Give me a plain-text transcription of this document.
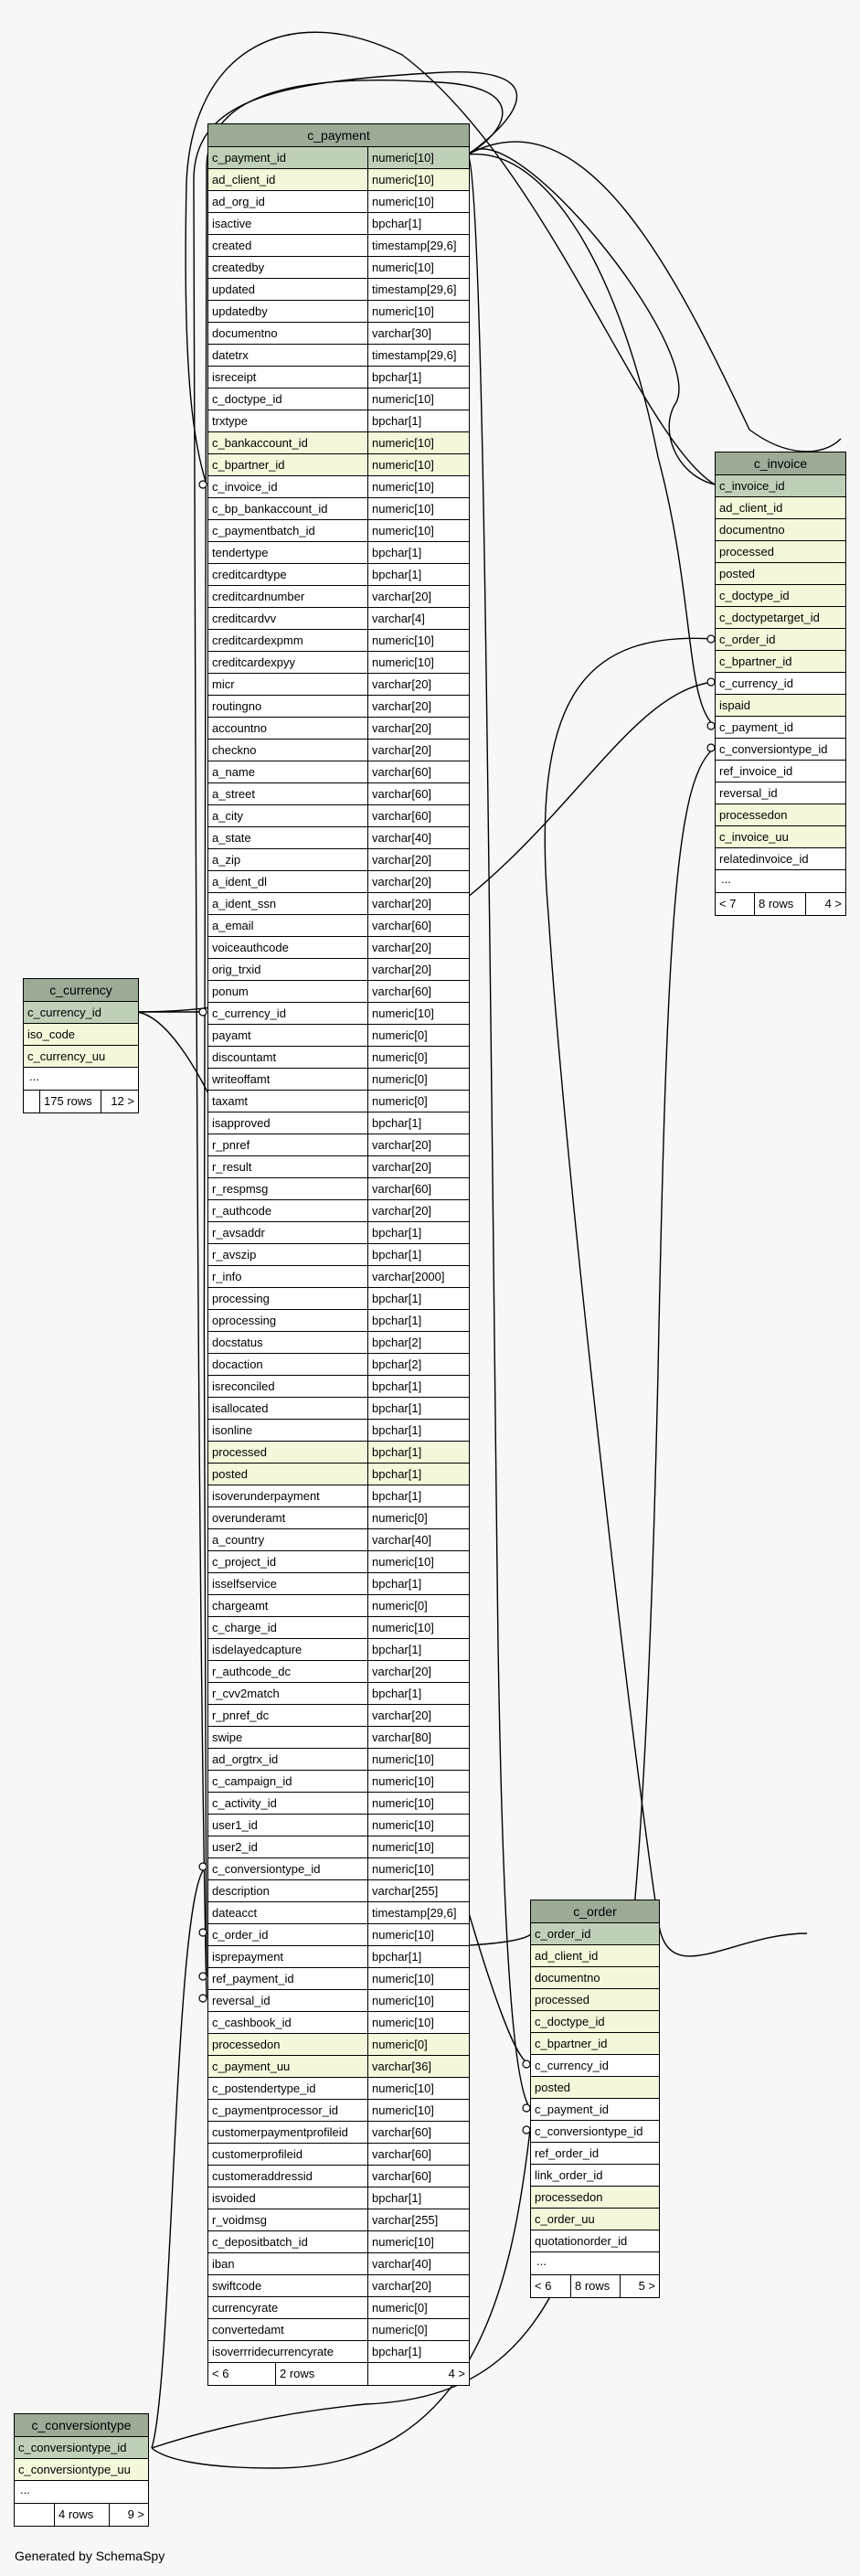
c_payment
c_payment_id	numeric[10]
ad_client_id	numeric[10]
ad_org_id	numeric[10]
isactive	bpchar[1]
created	timestamp[29,6]
createdby	numeric[10]
updated	timestamp[29,6]
updatedby	numeric[10]
documentno	varchar[30]
datetrx	timestamp[29,6]
isreceipt	bpchar[1]
c_doctype_id	numeric[10]
trxtype	bpchar[1]
c_bankaccount_id	numeric[10]
c_bpartner_id	numeric[10]
c_invoice_id	numeric[10]
c_bp_bankaccount_id	numeric[10]
c_paymentbatch_id	numeric[10]
tendertype	bpchar[1]
creditcardtype	bpchar[1]
creditcardnumber	varchar[20]
creditcardvv	varchar[4]
creditcardexpmm	numeric[10]
creditcardexpyy	numeric[10]
micr	varchar[20]
routingno	varchar[20]
accountno	varchar[20]
checkno	varchar[20]
a_name	varchar[60]
a_street	varchar[60]
a_city	varchar[60]
a_state	varchar[40]
a_zip	varchar[20]
a_ident_dl	varchar[20]
a_ident_ssn	varchar[20]
a_email	varchar[60]
voiceauthcode	varchar[20]
orig_trxid	varchar[20]
ponum	varchar[60]
c_currency_id	numeric[10]
payamt	numeric[0]
discountamt	numeric[0]
writeoffamt	numeric[0]
taxamt	numeric[0]
isapproved	bpchar[1]
r_pnref	varchar[20]
r_result	varchar[20]
r_respmsg	varchar[60]
r_authcode	varchar[20]
r_avsaddr	bpchar[1]
r_avszip	bpchar[1]
r_info	varchar[2000]
processing	bpchar[1]
oprocessing	bpchar[1]
docstatus	bpchar[2]
docaction	bpchar[2]
isreconciled	bpchar[1]
isallocated	bpchar[1]
isonline	bpchar[1]
processed	bpchar[1]
posted	bpchar[1]
isoverunderpayment	bpchar[1]
overunderamt	numeric[0]
a_country	varchar[40]
c_project_id	numeric[10]
isselfservice	bpchar[1]
chargeamt	numeric[0]
c_charge_id	numeric[10]
isdelayedcapture	bpchar[1]
r_authcode_dc	varchar[20]
r_cvv2match	bpchar[1]
r_pnref_dc	varchar[20]
swipe	varchar[80]
ad_orgtrx_id	numeric[10]
c_campaign_id	numeric[10]
c_activity_id	numeric[10]
user1_id	numeric[10]
user2_id	numeric[10]
c_conversiontype_id	numeric[10]
description	varchar[255]
dateacct	timestamp[29,6]
c_order_id	numeric[10]
isprepayment	bpchar[1]
ref_payment_id	numeric[10]
reversal_id	numeric[10]
c_cashbook_id	numeric[10]
processedon	numeric[0]
c_payment_uu	varchar[36]
c_postendertype_id	numeric[10]
c_paymentprocessor_id	numeric[10]
customerpaymentprofileid	varchar[60]
customerprofileid	varchar[60]
customeraddressid	varchar[60]
isvoided	bpchar[1]
r_voidmsg	varchar[255]
c_depositbatch_id	numeric[10]
iban	varchar[40]
swiftcode	varchar[20]
currencyrate	numeric[0]
convertedamt	numeric[0]
isoverrridecurrencyrate	bpchar[1]
< 6	2 rows	4 >
c_invoice
c_invoice_id
ad_client_id
documentno
processed
posted
c_doctype_id
c_doctypetarget_id
c_order_id
c_bpartner_id
c_currency_id
ispaid
c_payment_id
c_conversiontype_id
ref_invoice_id
reversal_id
processedon
c_invoice_uu
relatedinvoice_id
...
< 7	8 rows	4 >
c_currency
c_currency_id
iso_code
c_currency_uu
...
175 rows	12 >
c_order
c_order_id
ad_client_id
documentno
processed
c_doctype_id
c_bpartner_id
c_currency_id
posted
c_payment_id
c_conversiontype_id
ref_order_id
link_order_id
processedon
c_order_uu
quotationorder_id
...
< 6	8 rows	5 >
c_conversiontype
c_conversiontype_id
c_conversiontype_uu
...
4 rows	9 >
Generated by SchemaSpy
